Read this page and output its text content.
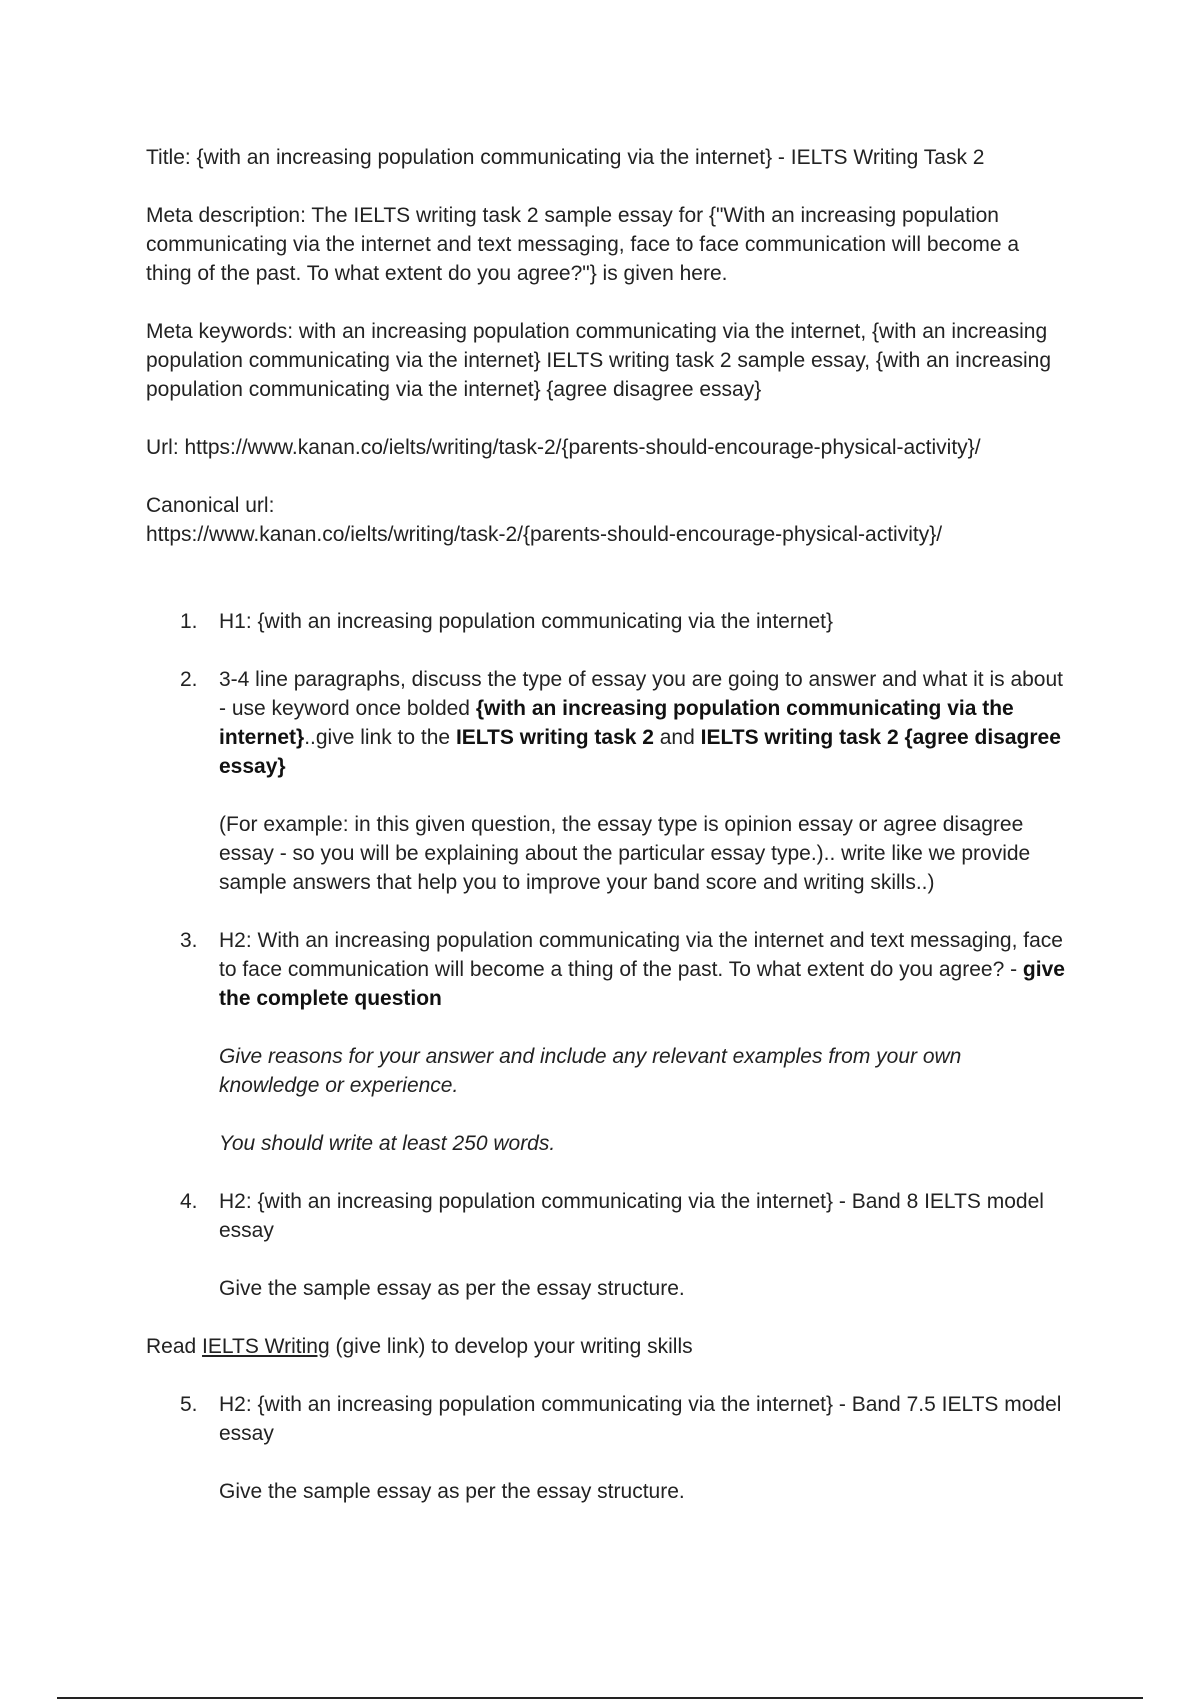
Title: {with an increasing population communicating via the internet} - IELTS Writing Task 2

Meta description: The IELTS writing task 2 sample essay for {"With an increasing population communicating via the internet and text messaging, face to face communication will become a thing of the past. To what extent do you agree?"} is given here.

Meta keywords: with an increasing population communicating via the internet, {with an increasing population communicating via the internet} IELTS writing task 2 sample essay, {with an increasing population communicating via the internet} {agree disagree essay}

Url: https://www.kanan.co/ielts/writing/task-2/{parents-should-encourage-physical-activity}/

Canonical url:
https://www.kanan.co/ielts/writing/task-2/{parents-should-encourage-physical-activity}/

1. H1: {with an increasing population communicating via the internet}

2. 3-4 line paragraphs, discuss the type of essay you are going to answer and what it is about - use keyword once bolded {with an increasing population communicating via the internet}..give link to the IELTS writing task 2 and IELTS writing task 2 {agree disagree essay}

(For example: in this given question, the essay type is opinion essay or agree disagree essay - so you will be explaining about the particular essay type.).. write like we provide sample answers that help you to improve your band score and writing skills..)

3. H2: With an increasing population communicating via the internet and text messaging, face to face communication will become a thing of the past. To what extent do you agree? - give the complete question

Give reasons for your answer and include any relevant examples from your own knowledge or experience.

You should write at least 250 words.

4. H2: {with an increasing population communicating via the internet} - Band 8 IELTS model essay

Give the sample essay as per the essay structure.

Read IELTS Writing (give link) to develop your writing skills

5. H2: {with an increasing population communicating via the internet} - Band 7.5 IELTS model essay

Give the sample essay as per the essay structure.
